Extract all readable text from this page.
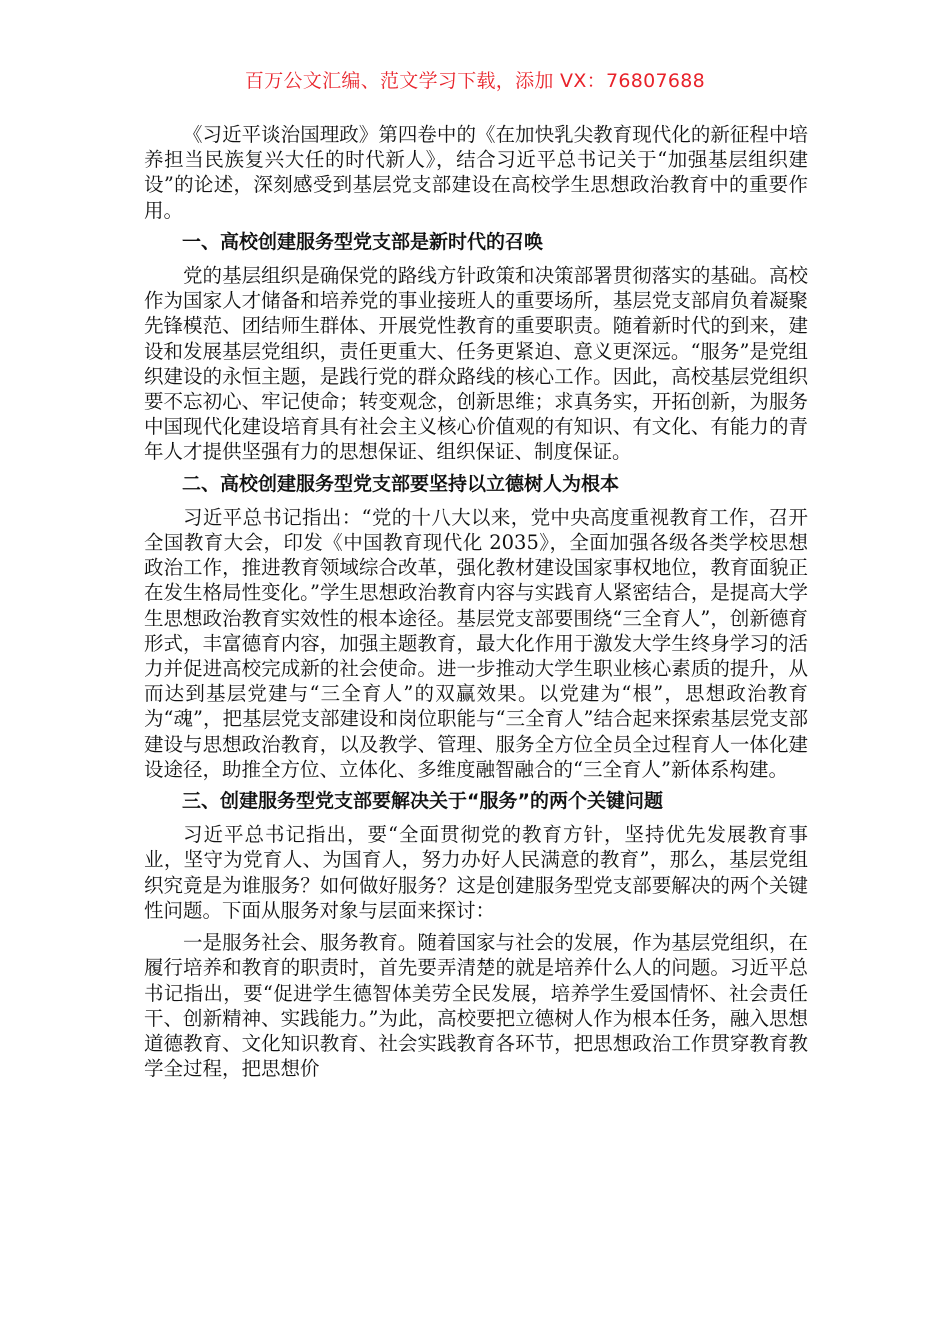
百万公文汇编、范文学习下载，添加 VX：76807688

《习近平谈治国理政》第四卷中的《在加快乳尖教育现代化的新征程中培养担当民族复兴大任的时代新人》，结合习近平总书记关于“加强基层组织建设”的论述，深刻感受到基层党支部建设在高校学生思想政治教育中的重要作用。

一、高校创建服务型党支部是新时代的召唤

党的基层组织是确保党的路线方针政策和决策部署贯彻落实的基础。高校作为国家人才储备和培养党的事业接班人的重要场所，基层党支部肩负着凝聚先锋模范、团结师生群体、开展党性教育的重要职责。随着新时代的到来，建设和发展基层党组织，责任更重大、任务更紧迫、意义更深远。“服务”是党组织建设的永恒主题，是践行党的群众路线的核心工作。因此，高校基层党组织要不忘初心、牢记使命；转变观念，创新思维；求真务实，开拓创新，为服务中国现代化建设培育具有社会主义核心价值观的有知识、有文化、有能力的青年人才提供坚强有力的思想保证、组织保证、制度保证。

二、高校创建服务型党支部要坚持以立德树人为根本

习近平总书记指出：“党的十八大以来，党中央高度重视教育工作，召开全国教育大会，印发《中国教育现代化 2035》，全面加强各级各类学校思想政治工作，推进教育领域综合改革，强化教材建设国家事权地位，教育面貌正在发生格局性变化。”学生思想政治教育内容与实践育人紧密结合，是提高大学生思想政治教育实效性的根本途径。基层党支部要围绕“三全育人”，创新德育形式，丰富德育内容，加强主题教育，最大化作用于激发大学生终身学习的活力并促进高校完成新的社会使命。进一步推动大学生职业核心素质的提升，从而达到基层党建与“三全育人”的双赢效果。以党建为“根”，思想政治教育为“魂”，把基层党支部建设和岗位职能与“三全育人”结合起来探索基层党支部建设与思想政治教育，以及教学、管理、服务全方位全员全过程育人一体化建设途径，助推全方位、立体化、多维度融智融合的“三全育人”新体系构建。

三、创建服务型党支部要解决关于“服务”的两个关键问题

习近平总书记指出，要“全面贯彻党的教育方针，坚持优先发展教育事业，坚守为党育人、为国育人，努力办好人民满意的教育”，那么，基层党组织究竟是为谁服务？如何做好服务？这是创建服务型党支部要解决的两个关键性问题。下面从服务对象与层面来探讨：

一是服务社会、服务教育。随着国家与社会的发展，作为基层党组织，在履行培养和教育的职责时，首先要弄清楚的就是培养什么人的问题。习近平总书记指出，要“促进学生德智体美劳全民发展，培养学生爱国情怀、社会责任干、创新精神、实践能力。”为此，高校要把立德树人作为根本任务，融入思想道德教育、文化知识教育、社会实践教育各环节，把思想政治工作贯穿教育教学全过程，把思想价
